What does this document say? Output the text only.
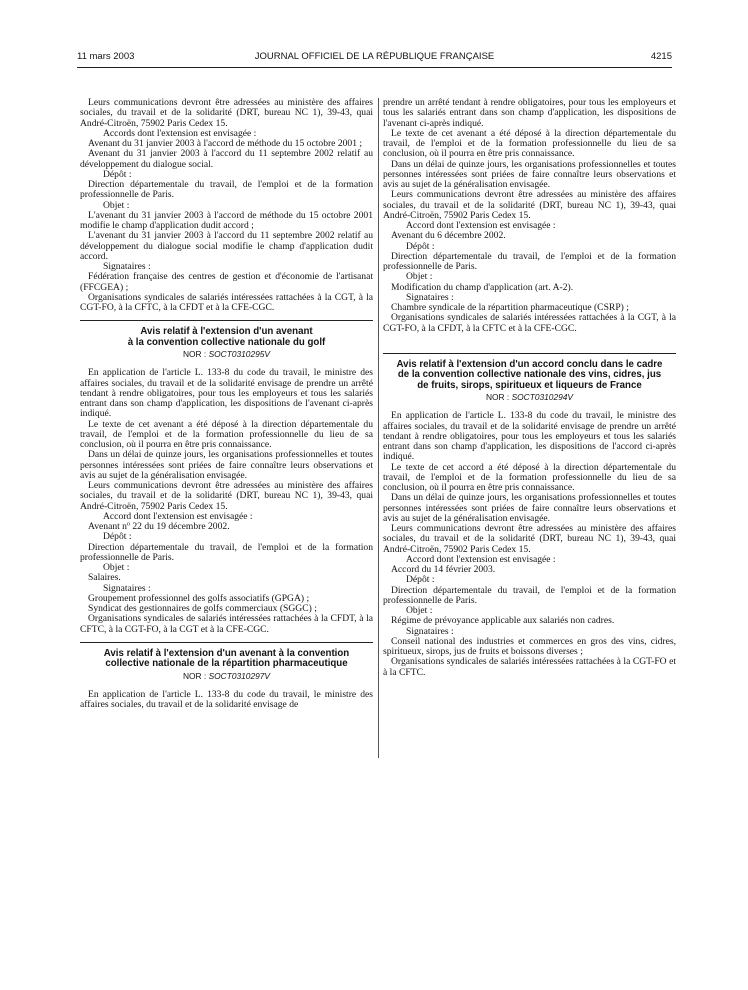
11 mars 2003	JOURNAL OFFICIEL DE LA RÉPUBLIQUE FRANÇAISE	4215

Leurs communications devront être adressées au ministère des affaires sociales, du travail et de la solidarité (DRT, bureau NC 1), 39-43, quai André-Citroën, 75902 Paris Cedex 15.

Accords dont l'extension est envisagée :

Avenant du 31 janvier 2003 à l'accord de méthode du 15 octobre 2001 ;

Avenant du 31 janvier 2003 à l'accord du 11 septembre 2002 relatif au développement du dialogue social.

Dépôt :

Direction départementale du travail, de l'emploi et de la formation professionnelle de Paris.

Objet :

L'avenant du 31 janvier 2003 à l'accord de méthode du 15 octobre 2001 modifie le champ d'application dudit accord ;

L'avenant du 31 janvier 2003 à l'accord du 11 septembre 2002 relatif au développement du dialogue social modifie le champ d'application dudit accord.

Signataires :

Fédération française des centres de gestion et d'économie de l'artisanat (FFCGEA) ;

Organisations syndicales de salariés intéressées rattachées à la CGT, à la CGT-FO, à la CFTC, à la CFDT et à la CFE-CGC.

Avis relatif à l'extension d'un avenant
à la convention collective nationale du golf
NOR : SOCT0310295V

En application de l'article L. 133-8 du code du travail, le ministre des affaires sociales, du travail et de la solidarité envisage de prendre un arrêté tendant à rendre obligatoires, pour tous les employeurs et tous les salariés entrant dans son champ d'application, les dispositions de l'avenant ci-après indiqué.

Le texte de cet avenant a été déposé à la direction départementale du travail, de l'emploi et de la formation professionnelle du lieu de sa conclusion, où il pourra en être pris connaissance.

Dans un délai de quinze jours, les organisations professionnelles et toutes personnes intéressées sont priées de faire connaître leurs observations et avis au sujet de la généralisation envisagée.

Leurs communications devront être adressées au ministère des affaires sociales, du travail et de la solidarité (DRT, bureau NC 1), 39-43, quai André-Citroën, 75902 Paris Cedex 15.

Accord dont l'extension est envisagée :

Avenant nº 22 du 19 décembre 2002.

Dépôt :

Direction départementale du travail, de l'emploi et de la formation professionnelle de Paris.

Objet :

Salaires.

Signataires :

Groupement professionnel des golfs associatifs (GPGA) ;

Syndicat des gestionnaires de golfs commerciaux (SGGC) ;

Organisations syndicales de salariés intéressées rattachées à la CFDT, à la CFTC, à la CGT-FO, à la CGT et à la CFE-CGC.

Avis relatif à l'extension d'un avenant à la convention
collective nationale de la répartition pharmaceutique
NOR : SOCT0310297V

En application de l'article L. 133-8 du code du travail, le ministre des affaires sociales, du travail et de la solidarité envisage de

prendre un arrêté tendant à rendre obligatoires, pour tous les employeurs et tous les salariés entrant dans son champ d'application, les dispositions de l'avenant ci-après indiqué.

Le texte de cet avenant a été déposé à la direction départementale du travail, de l'emploi et de la formation professionnelle du lieu de sa conclusion, où il pourra en être pris connaissance.

Dans un délai de quinze jours, les organisations professionnelles et toutes personnes intéressées sont priées de faire connaître leurs observations et avis au sujet de la généralisation envisagée.

Leurs communications devront être adressées au ministère des affaires sociales, du travail et de la solidarité (DRT, bureau NC 1), 39-43, quai André-Citroën, 75902 Paris Cedex 15.

Accord dont l'extension est envisagée :

Avenant du 6 décembre 2002.

Dépôt :

Direction départementale du travail, de l'emploi et de la formation professionnelle de Paris.

Objet :

Modification du champ d'application (art. A-2).

Signataires :

Chambre syndicale de la répartition pharmaceutique (CSRP) ;

Organisations syndicales de salariés intéressées rattachées à la CGT, à la CGT-FO, à la CFDT, à la CFTC et à la CFE-CGC.

Avis relatif à l'extension d'un accord conclu dans le cadre
de la convention collective nationale des vins, cidres, jus
de fruits, sirops, spiritueux et liqueurs de France
NOR : SOCT0310294V

En application de l'article L. 133-8 du code du travail, le ministre des affaires sociales, du travail et de la solidarité envisage de prendre un arrêté tendant à rendre obligatoires, pour tous les employeurs et tous les salariés entrant dans son champ d'application, les dispositions de l'accord ci-après indiqué.

Le texte de cet accord a été déposé à la direction départementale du travail, de l'emploi et de la formation professionnelle du lieu de sa conclusion, où il pourra en être pris connaissance.

Dans un délai de quinze jours, les organisations professionnelles et toutes personnes intéressées sont priées de faire connaître leurs observations et avis au sujet de la généralisation envisagée.

Leurs communications devront être adressées au ministère des affaires sociales, du travail et de la solidarité (DRT, bureau NC 1), 39-43, quai André-Citroën, 75902 Paris Cedex 15.

Accord dont l'extension est envisagée :

Accord du 14 février 2003.

Dépôt :

Direction départementale du travail, de l'emploi et de la formation professionnelle de Paris.

Objet :

Régime de prévoyance applicable aux salariés non cadres.

Signataires :

Conseil national des industries et commerces en gros des vins, cidres, spiritueux, sirops, jus de fruits et boissons diverses ;

Organisations syndicales de salariés intéressées rattachées à la CGT-FO et à la CFTC.
